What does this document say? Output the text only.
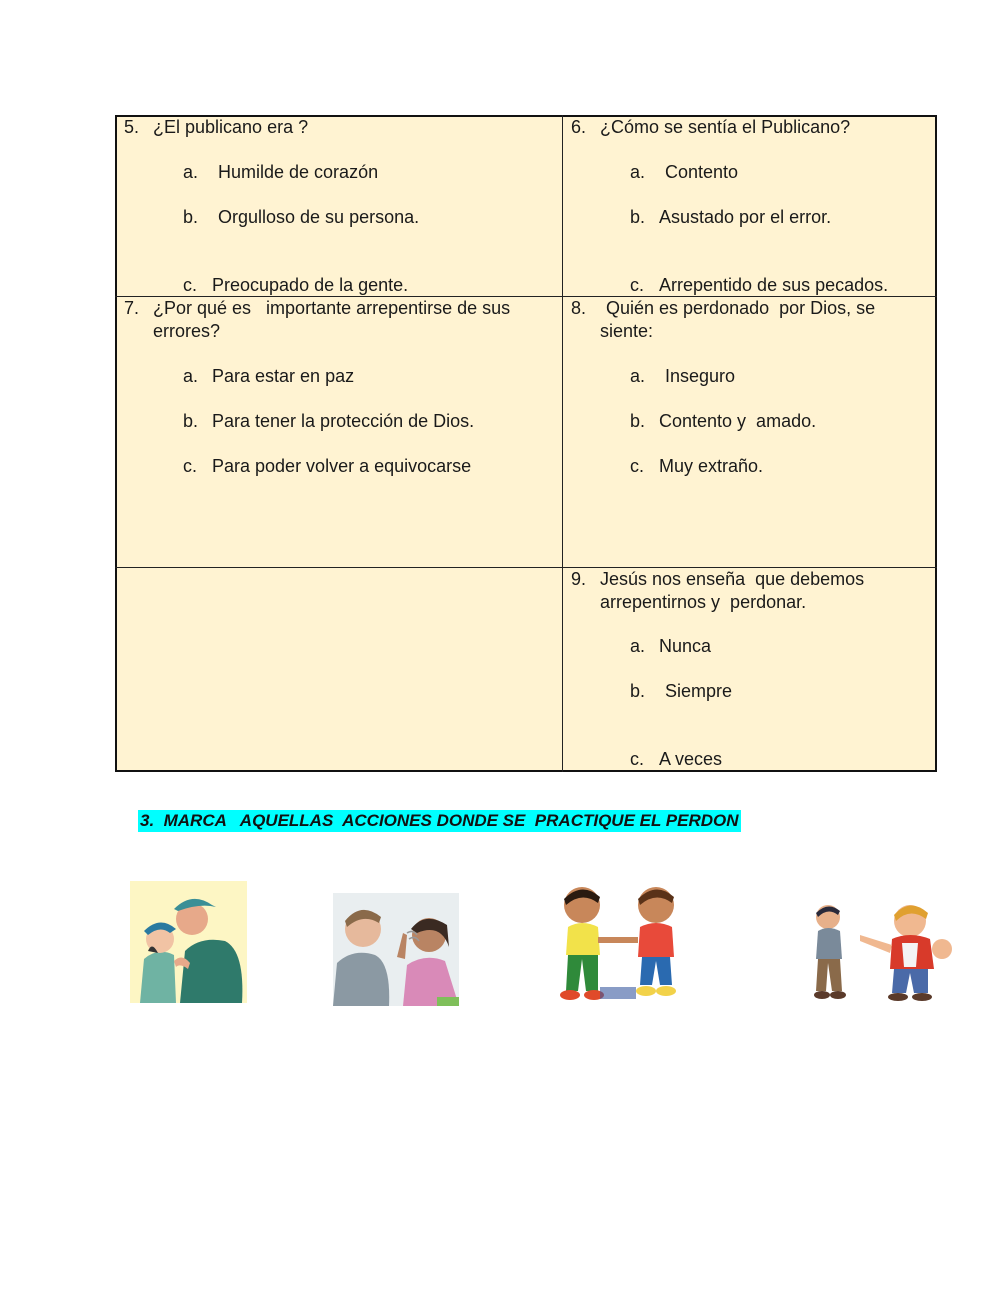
5. ¿El publicano era ?
a. Humilde de corazón
b. Orgulloso de su persona.
c. Preocupado de la gente.
6. ¿Cómo se sentía el Publicano?
a. Contento
b. Asustado por el error.
c. Arrepentido de sus pecados.
7. ¿Por qué es   importante arrepentirse de sus
errores?
a. Para estar en paz
b. Para tener la protección de Dios.
c. Para poder volver a equivocarse
8. Quién es perdonado  por Dios, se
siente:
a. Inseguro
b. Contento y  amado.
c. Muy extraño.
9. Jesús nos enseña  que debemos
arrepentirnos y  perdonar.
a. Nunca
b. Siempre
c. A veces
3.  MARCA   AQUELLAS  ACCIONES DONDE SE  PRACTIQUE EL PERDON
